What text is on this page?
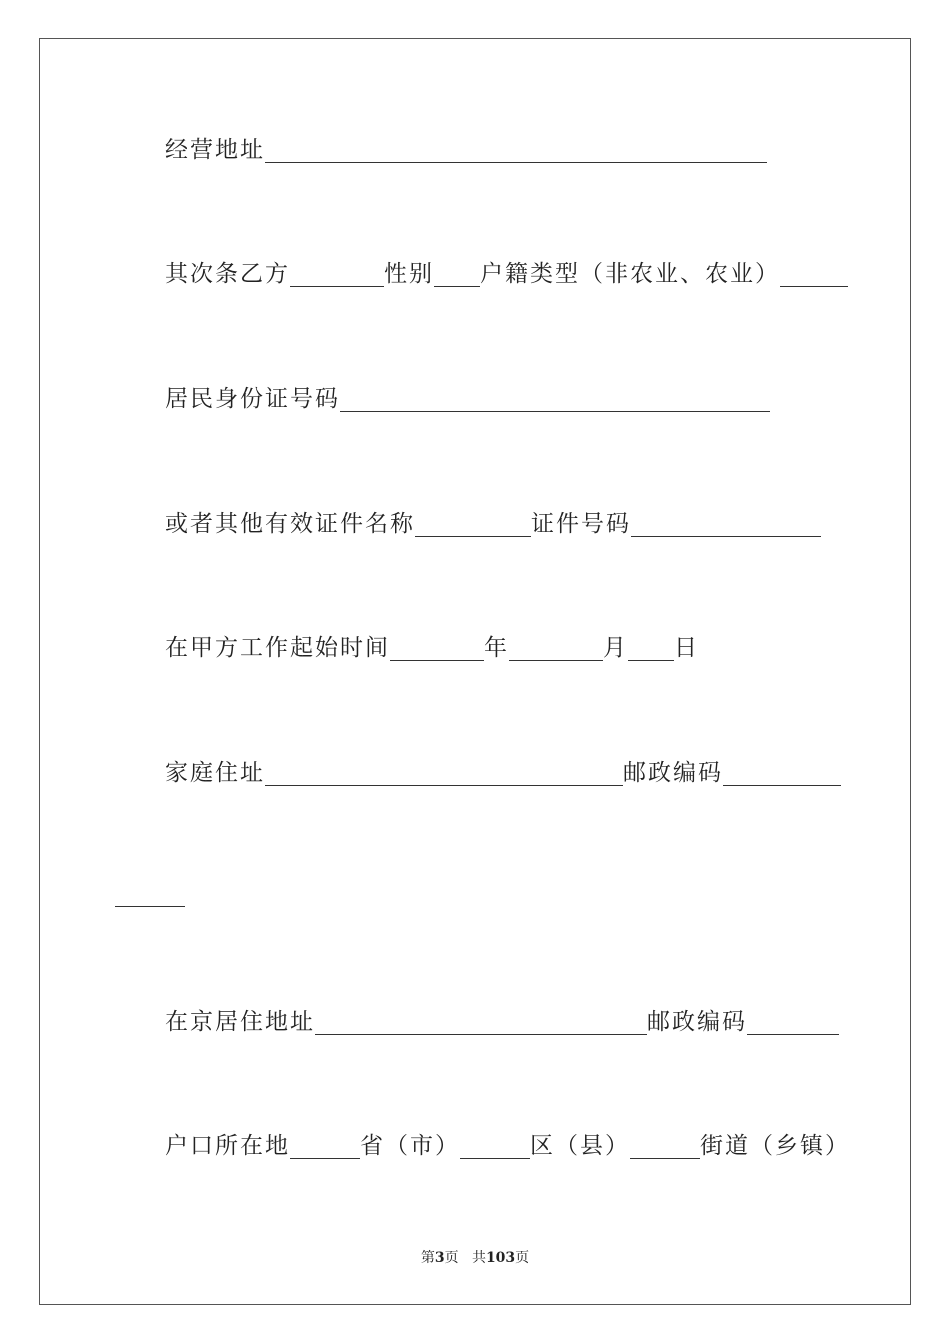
经营地址
其次条乙方	性别 户籍类型（非农业、农业）
居民身份证号码
或者其他有效证件名称	证件号码
在甲方工作起始时间	年	月 日
家庭住址	邮政编码
在京居住地址	邮政编码
户口所在地	省（市）	区（县）	街道（乡镇）
第3页 共103页
